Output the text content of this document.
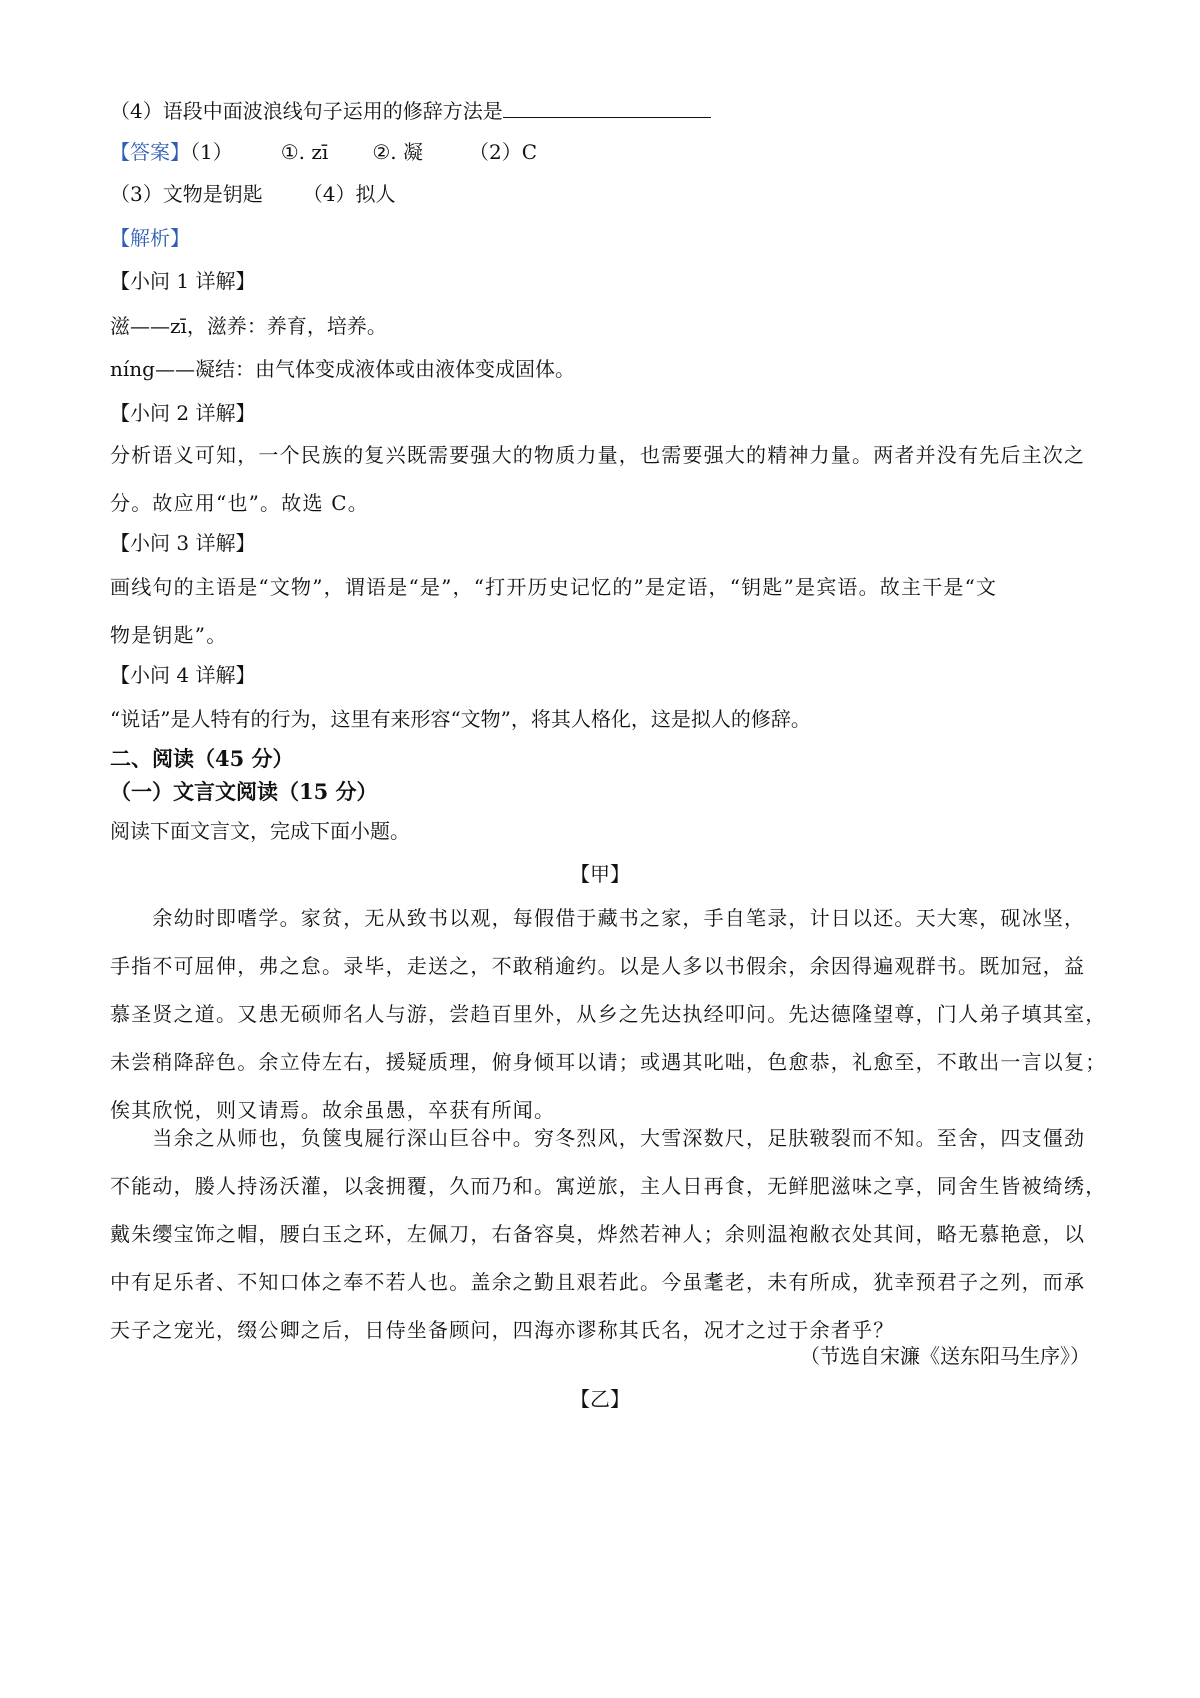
（4）语段中面波浪线句子运用的修辞方法是
【答案】（1） ①. zī ②. 凝 （2）C
（3）文物是钥匙 （4）拟人
【解析】
【小问 1 详解】
滋——zī，滋养：养育，培养。
níng——凝结：由气体变成液体或由液体变成固体。
【小问 2 详解】
分析语义可知，一个民族的复兴既需要强大的物质力量，也需要强大的精神力量。两者并没有先后主次之
分。故应用“也”。故选 C。
【小问 3 详解】
画线句的主语是“文物”，谓语是“是”，“打开历史记忆的”是定语，“钥匙”是宾语。故主干是“文
物是钥匙”。
【小问 4 详解】
“说话”是人特有的行为，这里有来形容“文物”，将其人格化，这是拟人的修辞。
二、阅读（45 分）
（一）文言文阅读（15 分）
阅读下面文言文，完成下面小题。
【甲】
　　余幼时即嗜学。家贫，无从致书以观，每假借于藏书之家，手自笔录，计日以还。天大寒，砚冰坚，
手指不可屈伸，弗之怠。录毕，走送之，不敢稍逾约。以是人多以书假余，余因得遍观群书。既加冠，益
慕圣贤之道。又患无硕师名人与游，尝趋百里外，从乡之先达执经叩问。先达德隆望尊，门人弟子填其室，
未尝稍降辞色。余立侍左右，援疑质理，俯身倾耳以请；或遇其叱咄，色愈恭，礼愈至，不敢出一言以复；
俟其欣悦，则又请焉。故余虽愚，卒获有所闻。
　　当余之从师也，负箧曳屣行深山巨谷中。穷冬烈风，大雪深数尺，足肤皲裂而不知。至舍，四支僵劲
不能动，媵人持汤沃灌，以衾拥覆，久而乃和。寓逆旅，主人日再食，无鲜肥滋味之享，同舍生皆被绮绣，
戴朱缨宝饰之帽，腰白玉之环，左佩刀，右备容臭，烨然若神人；余则温袍敝衣处其间，略无慕艳意，以
中有足乐者、不知口体之奉不若人也。盖余之勤且艰若此。今虽耄老，未有所成，犹幸预君子之列，而承
天子之宠光，缀公卿之后，日侍坐备顾问，四海亦谬称其氏名，况才之过于余者乎？
（节选自宋濂《送东阳马生序》）
【乙】
